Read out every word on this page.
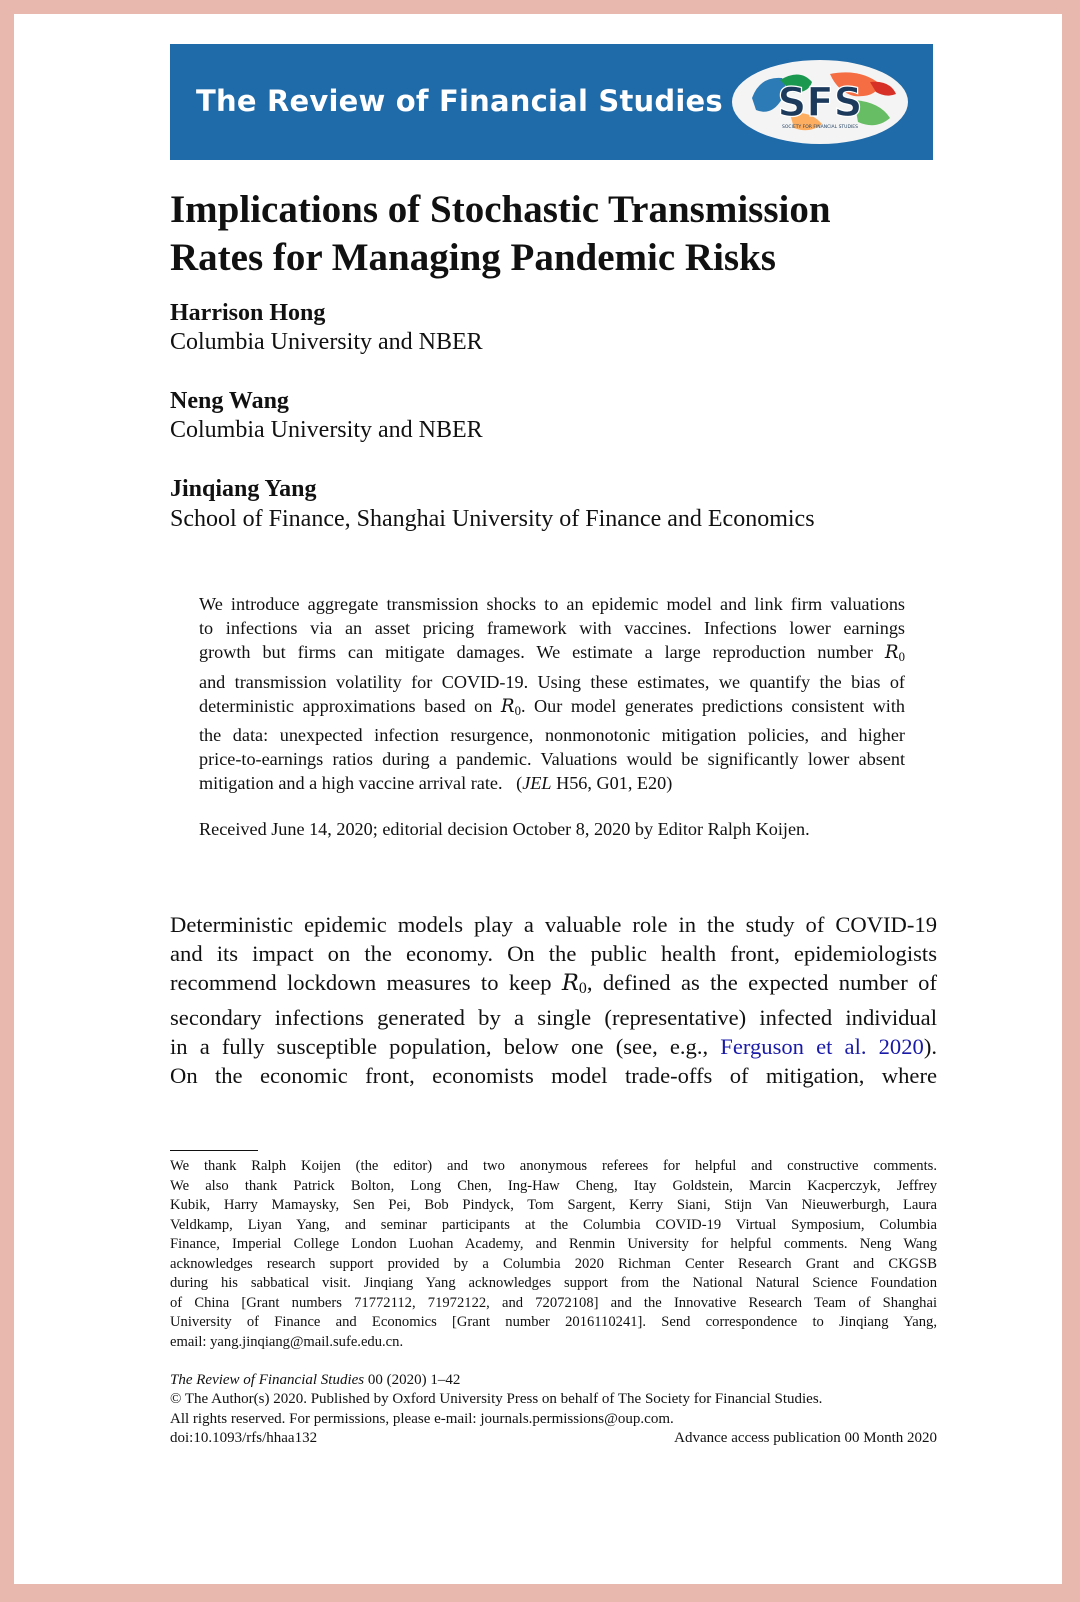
The Review of Financial Studies SFS
SOCIETY FOR FINANCIAL STUDIES
Implications of Stochastic Transmission
Rates for Managing Pandemic Risks
Harrison Hong
Columbia University and NBER
Neng Wang
Columbia University and NBER
Jinqiang Yang
School of Finance, Shanghai University of Finance and Economics
We introduce aggregate transmission shocks to an epidemic model and link firm valuations
to infections via an asset pricing framework with vaccines. Infections lower earnings
growth but firms can mitigate damages. We estimate a large reproduction number $R_0$
and transmission volatility for COVID-19. Using these estimates, we quantify the bias of
deterministic approximations based on $R_0$. Our model generates predictions consistent with
the data: unexpected infection resurgence, nonmonotonic mitigation policies, and higher
price-to-earnings ratios during a pandemic. Valuations would be significantly lower absent
mitigation and a high vaccine arrival rate.   (JEL H56, G01, E20)
Received June 14, 2020; editorial decision October 8, 2020 by Editor Ralph Koijen.
Deterministic epidemic models play a valuable role in the study of COVID-19
and its impact on the economy. On the public health front, epidemiologists
recommend lockdown measures to keep $R_0$, defined as the expected number of
secondary infections generated by a single (representative) infected individual
in a fully susceptible population, below one (see, e.g., Ferguson et al. 2020).
On the economic front, economists model trade-offs of mitigation, where
We thank Ralph Koijen (the editor) and two anonymous referees for helpful and constructive comments.
We also thank Patrick Bolton, Long Chen, Ing-Haw Cheng, Itay Goldstein, Marcin Kacperczyk, Jeffrey
Kubik, Harry Mamaysky, Sen Pei, Bob Pindyck, Tom Sargent, Kerry Siani, Stijn Van Nieuwerburgh, Laura
Veldkamp, Liyan Yang, and seminar participants at the Columbia COVID-19 Virtual Symposium, Columbia
Finance, Imperial College London Luohan Academy, and Renmin University for helpful comments. Neng Wang
acknowledges research support provided by a Columbia 2020 Richman Center Research Grant and CKGSB
during his sabbatical visit. Jinqiang Yang acknowledges support from the National Natural Science Foundation
of China [Grant numbers 71772112, 71972122, and 72072108] and the Innovative Research Team of Shanghai
University of Finance and Economics [Grant number 2016110241]. Send correspondence to Jinqiang Yang,
email: yang.jinqiang@mail.sufe.edu.cn.
The Review of Financial Studies 00 (2020) 1–42
© The Author(s) 2020. Published by Oxford University Press on behalf of The Society for Financial Studies.
All rights reserved. For permissions, please e-mail: journals.permissions@oup.com.
doi:10.1093/rfs/hhaa132	Advance access publication 00 Month 2020
